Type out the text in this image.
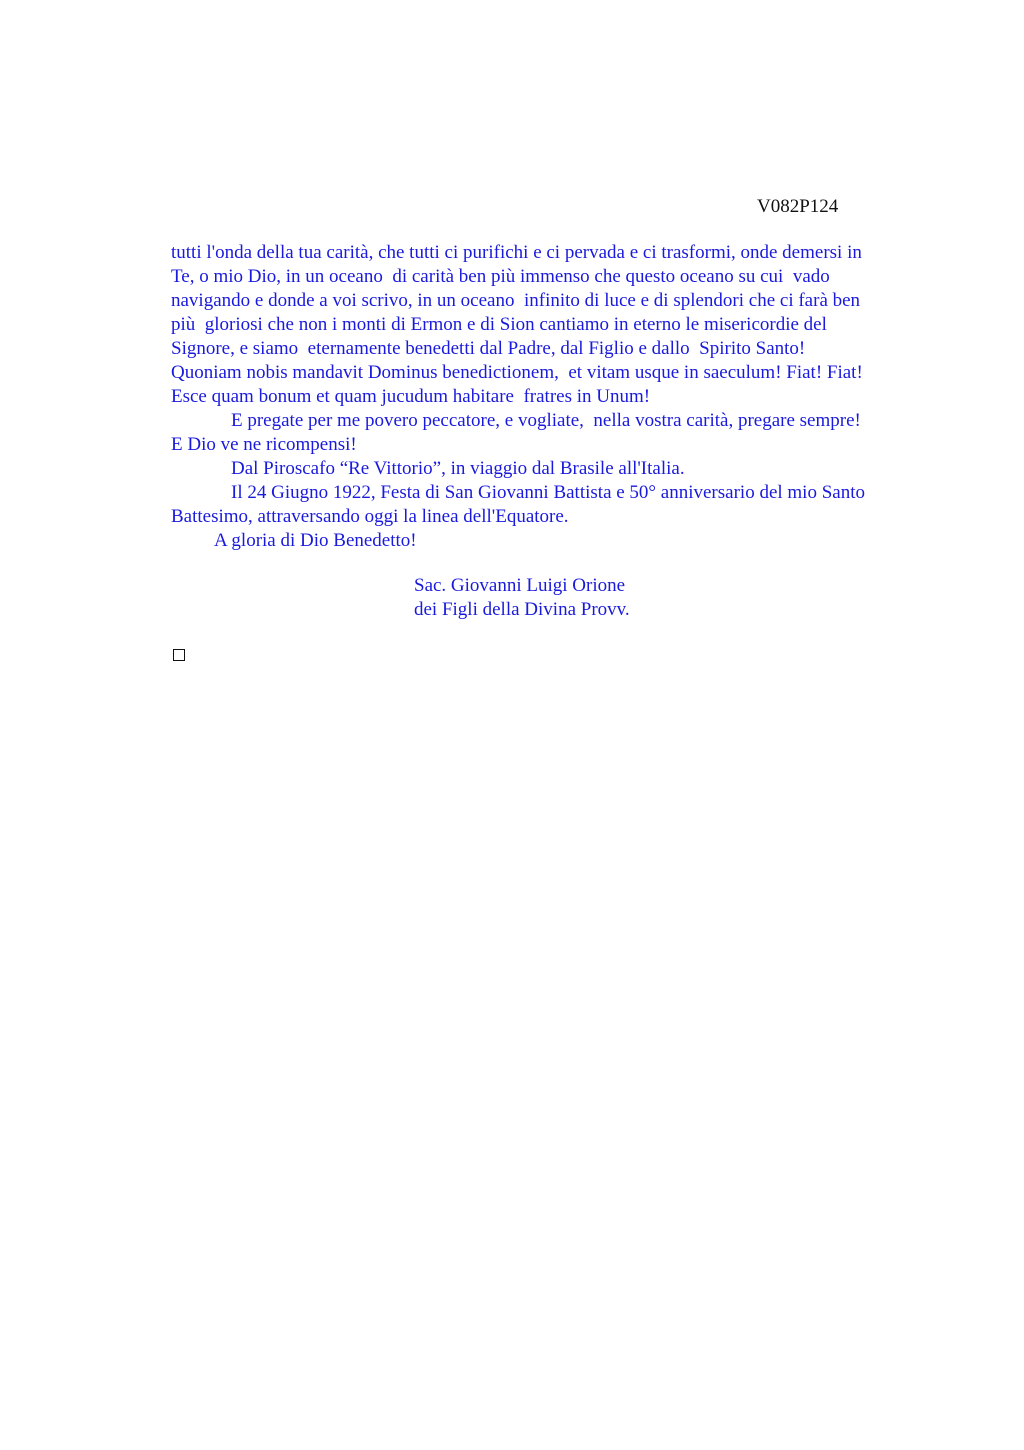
V082P124
tutti l'onda della tua carità, che tutti ci purifichi e ci pervada e ci trasformi, onde demersi in
Te, o mio Dio, in un oceano  di carità ben più immenso che questo oceano su cui  vado
navigando e donde a voi scrivo, in un oceano  infinito di luce e di splendori che ci farà ben
più  gloriosi che non i monti di Ermon e di Sion cantiamo in eterno le misericordie del
Signore, e siamo  eternamente benedetti dal Padre, dal Figlio e dallo  Spirito Santo!
Quoniam nobis mandavit Dominus benedictionem,  et vitam usque in saeculum! Fiat! Fiat!
Esce quam bonum et quam jucudum habitare  fratres in Unum!
E pregate per me povero peccatore, e vogliate,  nella vostra carità, pregare sempre!
E Dio ve ne ricompensi!
Dal Piroscafo “Re Vittorio”, in viaggio dal Brasile all'Italia.
Il 24 Giugno 1922, Festa di San Giovanni Battista e 50° anniversario del mio Santo
Battesimo, attraversando oggi la linea dell'Equatore.
A gloria di Dio Benedetto!
Sac. Giovanni Luigi Orione
dei Figli della Divina Provv.
